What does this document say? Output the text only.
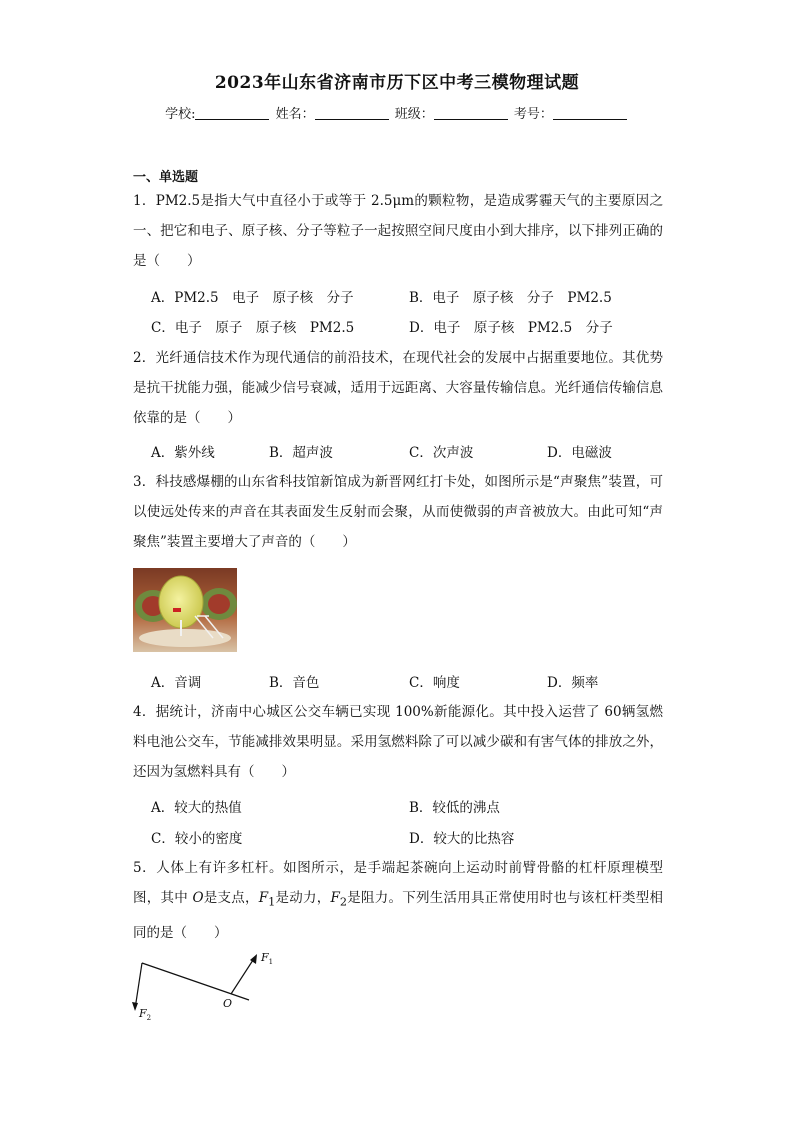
2023年山东省济南市历下区中考三模物理试题
学校:	姓名：	班级：	考号：
一、单选题
1．PM2.5是指大气中直径小于或等于 2.5μm的颗粒物，是造成雾霾天气的主要原因之一、把它和电子、原子核、分子等粒子一起按照空间尺度由小到大排序，以下排列正确的是（　　）
A．PM2.5　电子　原子核　分子	B．电子　原子核　分子　PM2.5
C．电子　原子　原子核　PM2.5	D．电子　原子核　PM2.5　分子
2．光纤通信技术作为现代通信的前沿技术，在现代社会的发展中占据重要地位。其优势是抗干扰能力强，能减少信号衰减，适用于远距离、大容量传输信息。光纤通信传输信息依靠的是（　　）
A．紫外线	B．超声波	C．次声波	D．电磁波
3．科技感爆棚的山东省科技馆新馆成为新晋网红打卡处，如图所示是“声聚焦”装置，可以使远处传来的声音在其表面发生反射而会聚，从而使微弱的声音被放大。由此可知“声聚焦”装置主要增大了声音的（　　）
A．音调	B．音色	C．响度	D．频率
4．据统计，济南中心城区公交车辆已实现 100%新能源化。其中投入运营了 60辆氢燃料电池公交车，节能减排效果明显。采用氢燃料除了可以减少碳和有害气体的排放之外，还因为氢燃料具有（　　）
A．较大的热值	B．较低的沸点
C．较小的密度	D．较大的比热容
5．人体上有许多杠杆。如图所示，是手端起茶碗向上运动时前臂骨骼的杠杆原理模型图，其中 O是支点，$F_1$是动力，$F_2$是阻力。下列生活用具正常使用时也与该杠杆类型相同的是（　　）
$F_1$
$F_2$
O
